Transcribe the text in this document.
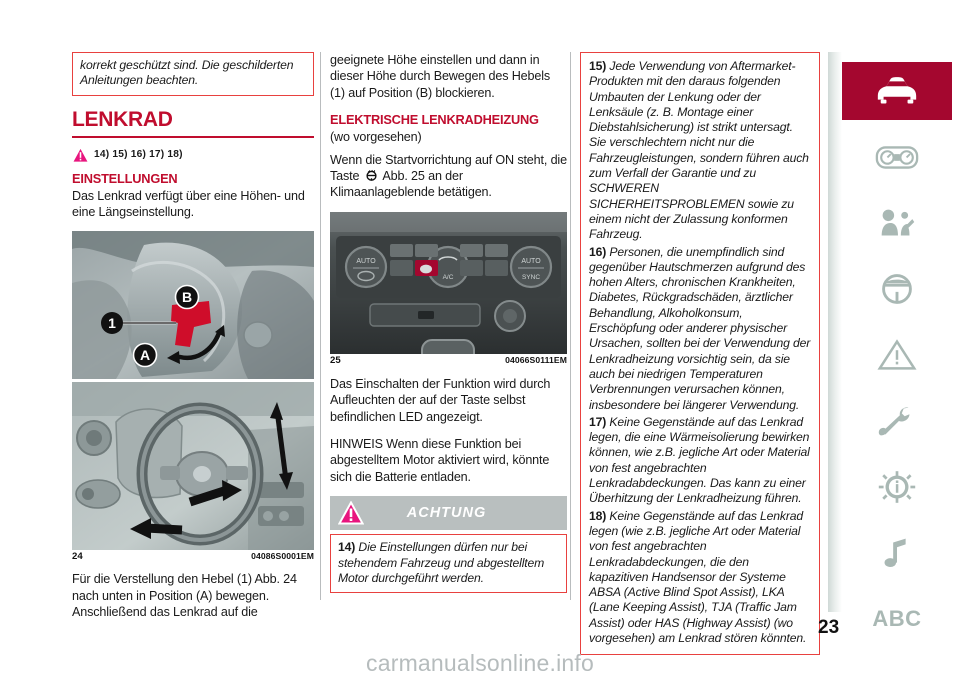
korrekt geschützt sind. Die geschilderten Anleitungen beachten.

LENKRAD
14) 15) 16) 17) 18)
EINSTELLUNGEN

Das Lenkrad verfügt über eine Höhen- und eine Längseinstellung.

1
A
B
24	04086S0001EM

Für die Verstellung den Hebel (1) Abb. 24 nach unten in Position (A) bewegen. Anschließend das Lenkrad auf die

geeignete Höhe einstellen und dann in dieser Höhe durch Bewegen des Hebels (1) auf Position (B) blockieren.

ELEKTRISCHE LENKRADHEIZUNG

(wo vorgesehen)

Wenn die Startvorrichtung auf ON steht, die Taste Abb. 25 an der Klimaanlageblende betätigen.

AUTO	AUTO
SYNC
A/C
25	04066S0111EM

Das Einschalten der Funktion wird durch Aufleuchten der auf der Taste selbst befindlichen LED angezeigt.

HINWEIS Wenn diese Funktion bei abgestelltem Motor aktiviert wird, könnte sich die Batterie entladen.

ACHTUNG

14) Die Einstellungen dürfen nur bei stehendem Fahrzeug und abgestelltem Motor durchgeführt werden.

15) Jede Verwendung von Aftermarket-Produkten mit den daraus folgenden Umbauten der Lenkung oder der Lenksäule (z. B. Montage einer Diebstahlsicherung) ist strikt untersagt. Sie verschlechtern nicht nur die Fahrzeugleistungen, sondern führen auch zum Verfall der Garantie und zu SCHWEREN SICHERHEITSPROBLEMEN sowie zu einem nicht der Zulassung konformen Fahrzeug.

16) Personen, die unempfindlich sind gegenüber Hautschmerzen aufgrund des hohen Alters, chronischen Krankheiten, Diabetes, Rückgradschäden, ärztlicher Behandlung, Alkoholkonsum, Erschöpfung oder anderer physischer Ursachen, sollten bei der Verwendung der Lenkradheizung vorsichtig sein, da sie auch bei niedrigen Temperaturen Verbrennungen verursachen können, insbesondere bei längerer Verwendung.

17) Keine Gegenstände auf das Lenkrad legen, die eine Wärmeisolierung bewirken können, wie z.B. jegliche Art oder Material von fest angebrachten Lenkradabdeckungen. Das kann zu einer Überhitzung der Lenkradheizung führen.

18) Keine Gegenstände auf das Lenkrad legen (wie z.B. jegliche Art oder Material von fest angebrachten Lenkradabdeckungen, die den kapazitiven Handsensor der Systeme ABSA (Active Blind Spot Assist), LKA (Lane Keeping Assist), TJA (Traffic Jam Assist) oder HAS (Highway Assist) (wo vorgesehen) am Lenkrad stören könnten.

ABC
23
carmanualsonline.info
